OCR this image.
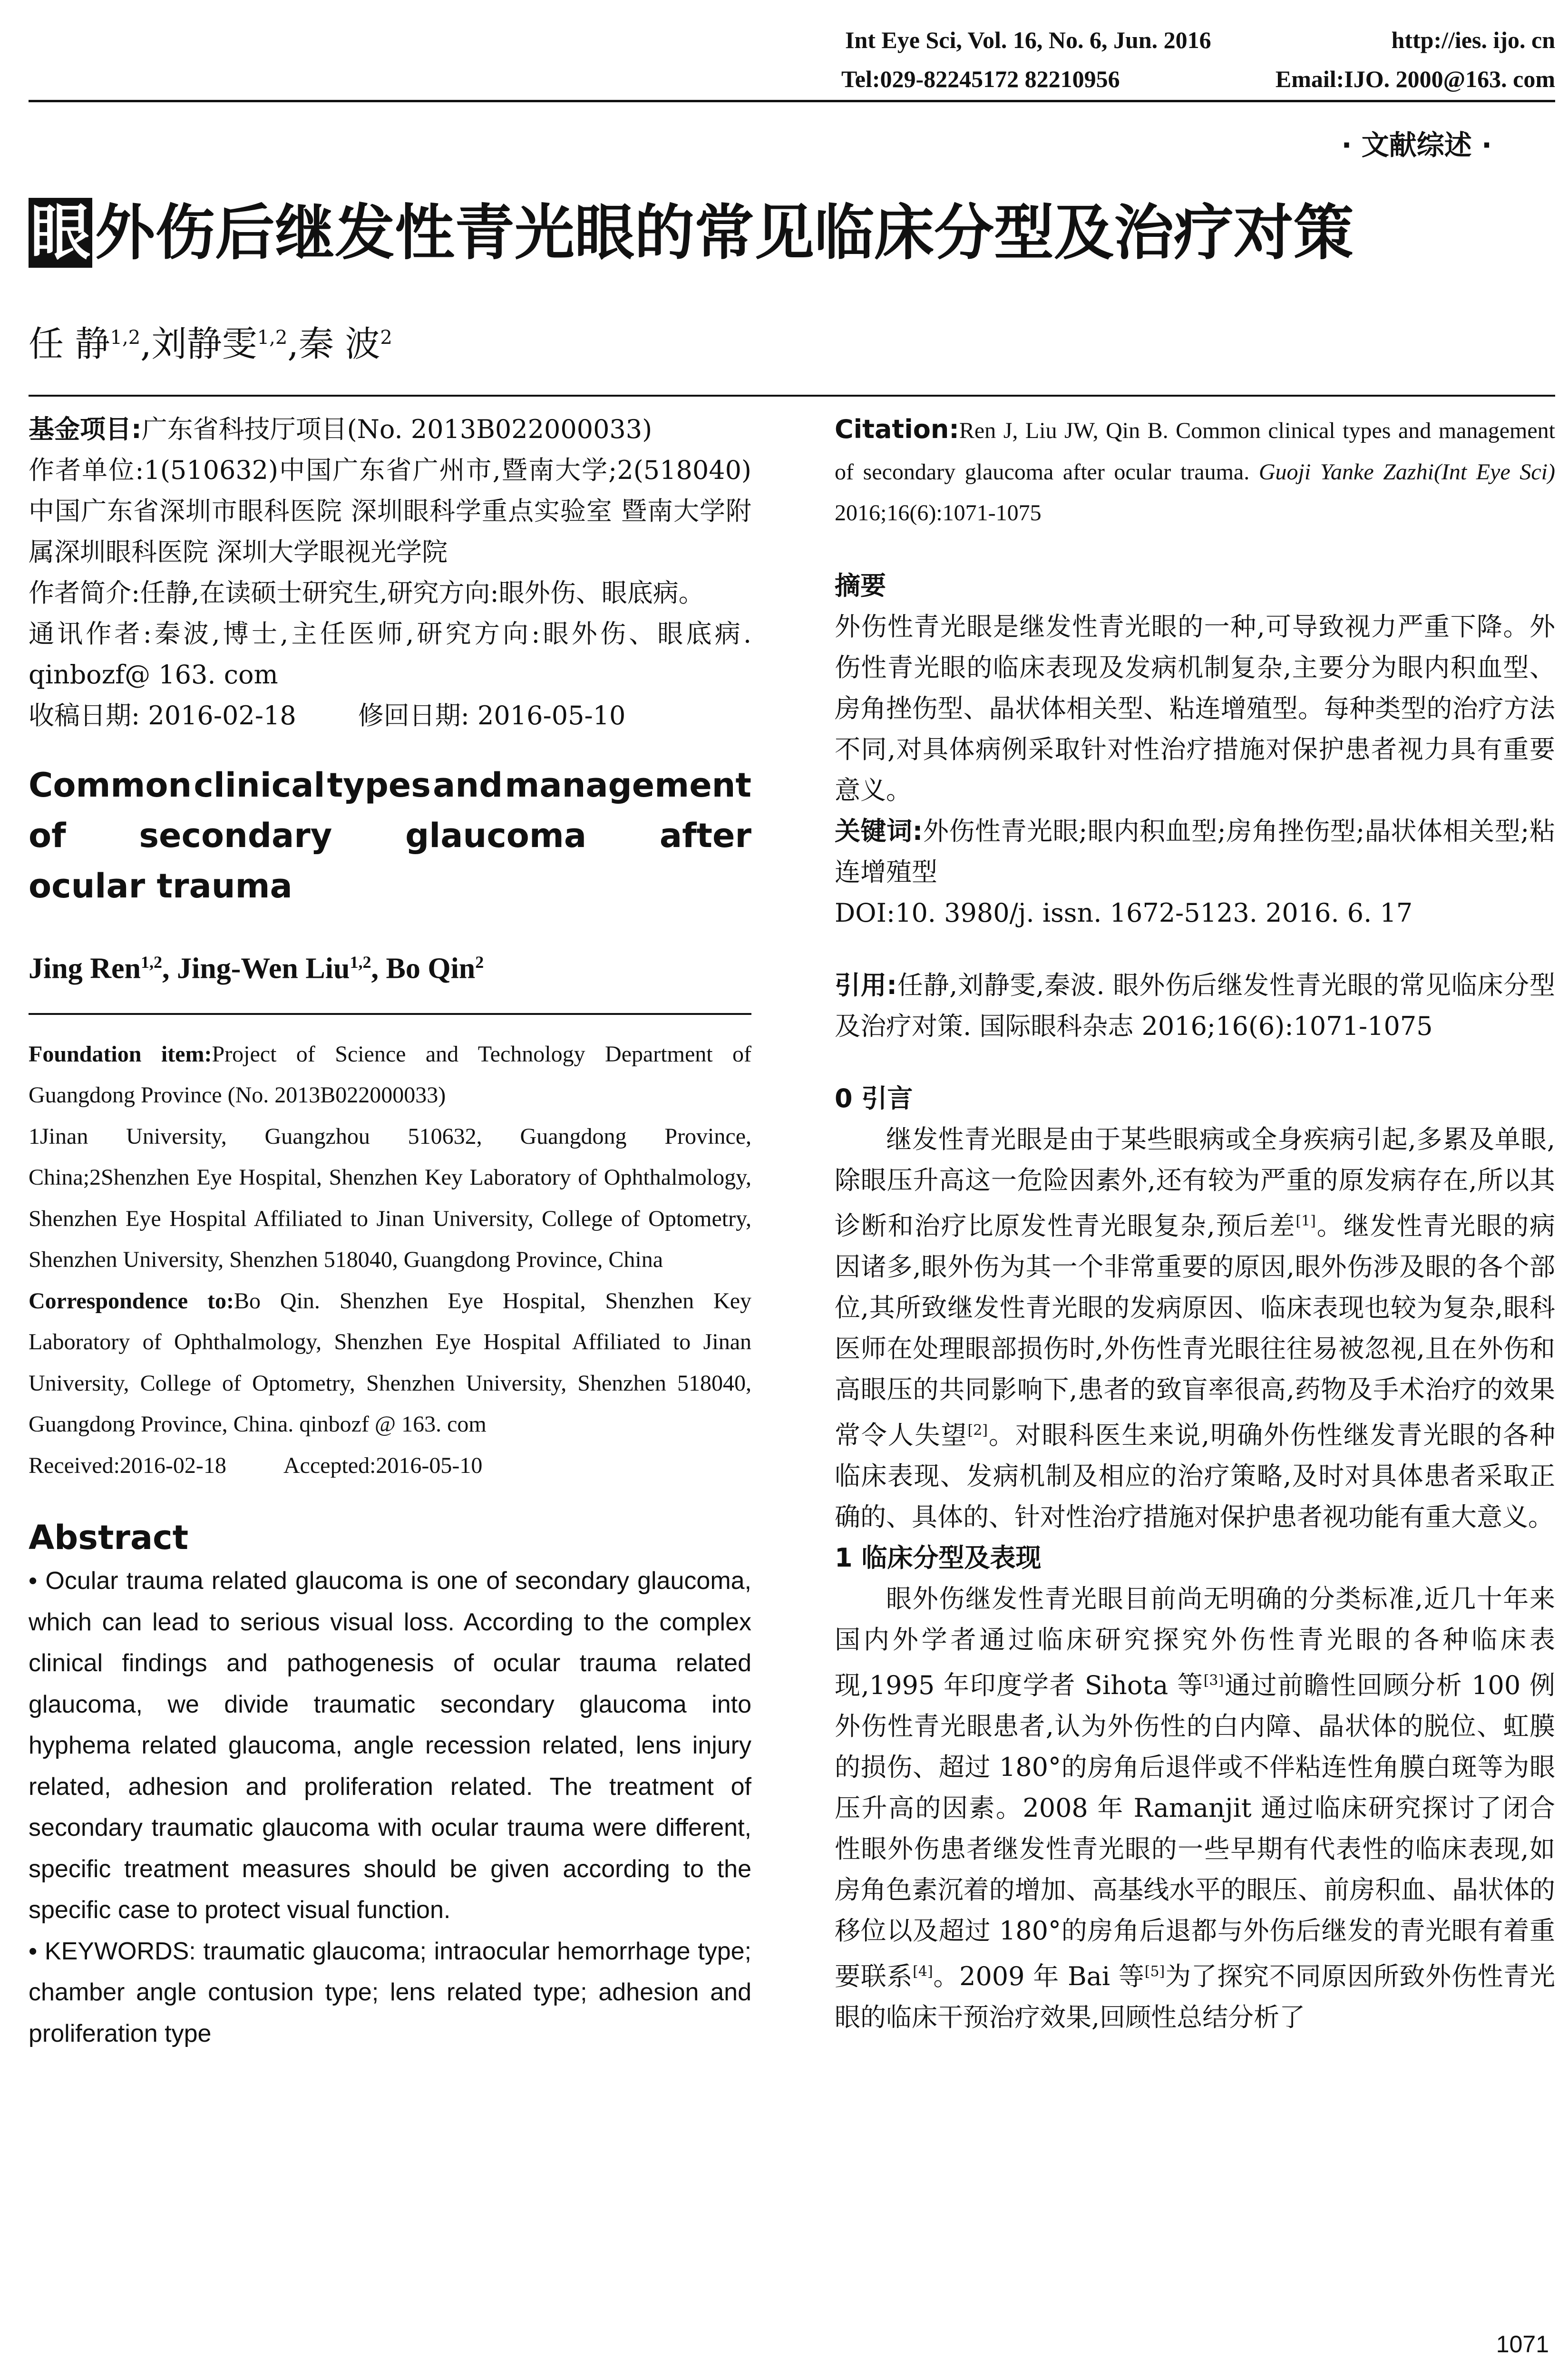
Int Eye Sci, Vol. 16, No. 6, Jun. 2016	http://ies. ijo. cn
Tel:029-82245172 82210956	Email:IJO. 2000@163. com
· 文献综述 ·
眼外伤后继发性青光眼的常见临床分型及治疗对策
任 静$^{1,2}$,刘静雯$^{1,2}$,秦 波$^2$

基金项目:广东省科技厅项目(No. 2013B022000033)

作者单位:1(510632)中国广东省广州市,暨南大学;2(518040)中国广东省深圳市眼科医院 深圳眼科学重点实验室 暨南大学附属深圳眼科医院 深圳大学眼视光学院

作者简介:任静,在读硕士研究生,研究方向:眼外伤、眼底病。

通讯作者:秦波,博士,主任医师,研究方向:眼外伤、眼底病. qinbozf@ 163. com

收稿日期: 2016-02-18 修回日期: 2016-05-10

Common clinical types and management
of secondary glaucoma after
ocular trauma
Jing Ren$^{1,2}$, Jing-Wen Liu$^{1,2}$, Bo Qin$^2$

Foundation item:Project of Science and Technology Department of Guangdong Province (No. 2013B022000033)

1Jinan University, Guangzhou 510632, Guangdong Province, China;2Shenzhen Eye Hospital, Shenzhen Key Laboratory of Ophthalmology, Shenzhen Eye Hospital Affiliated to Jinan University, College of Optometry, Shenzhen University, Shenzhen 518040, Guangdong Province, China

Correspondence to:Bo Qin. Shenzhen Eye Hospital, Shenzhen Key Laboratory of Ophthalmology, Shenzhen Eye Hospital Affiliated to Jinan University, College of Optometry, Shenzhen University, Shenzhen 518040, Guangdong Province, China. qinbozf @ 163. com

Received:2016-02-18	Accepted:2016-05-10

Abstract

• Ocular trauma related glaucoma is one of secondary glaucoma, which can lead to serious visual loss. According to the complex clinical findings and pathogenesis of ocular trauma related glaucoma, we divide traumatic secondary glaucoma into hyphema related glaucoma, angle recession related, lens injury related, adhesion and proliferation related. The treatment of secondary traumatic glaucoma with ocular trauma were different, specific treatment measures should be given according to the specific case to protect visual function.

• KEYWORDS: traumatic glaucoma; intraocular hemorrhage type; chamber angle contusion type; lens related type; adhesion and proliferation type

Citation:Ren J, Liu JW, Qin B. Common clinical types and management of secondary glaucoma after ocular trauma. Guoji Yanke Zazhi(Int Eye Sci) 2016;16(6):1071-1075

摘要

外伤性青光眼是继发性青光眼的一种,可导致视力严重下降。外伤性青光眼的临床表现及发病机制复杂,主要分为眼内积血型、房角挫伤型、晶状体相关型、粘连增殖型。每种类型的治疗方法不同,对具体病例采取针对性治疗措施对保护患者视力具有重要意义。

关键词:外伤性青光眼;眼内积血型;房角挫伤型;晶状体相关型;粘连增殖型

DOI:10. 3980/j. issn. 1672-5123. 2016. 6. 17

引用:任静,刘静雯,秦波. 眼外伤后继发性青光眼的常见临床分型及治疗对策. 国际眼科杂志 2016;16(6):1071-1075

0 引言

继发性青光眼是由于某些眼病或全身疾病引起,多累及单眼,除眼压升高这一危险因素外,还有较为严重的原发病存在,所以其诊断和治疗比原发性青光眼复杂,预后差[1]。继发性青光眼的病因诸多,眼外伤为其一个非常重要的原因,眼外伤涉及眼的各个部位,其所致继发性青光眼的发病原因、临床表现也较为复杂,眼科医师在处理眼部损伤时,外伤性青光眼往往易被忽视,且在外伤和高眼压的共同影响下,患者的致盲率很高,药物及手术治疗的效果常令人失望[2]。对眼科医生来说,明确外伤性继发青光眼的各种临床表现、发病机制及相应的治疗策略,及时对具体患者采取正确的、具体的、针对性治疗措施对保护患者视功能有重大意义。

1 临床分型及表现

眼外伤继发性青光眼目前尚无明确的分类标准,近几十年来国内外学者通过临床研究探究外伤性青光眼的各种临床表现,1995 年印度学者 Sihota 等[3]通过前瞻性回顾分析 100 例外伤性青光眼患者,认为外伤性的白内障、晶状体的脱位、虹膜的损伤、超过 180°的房角后退伴或不伴粘连性角膜白斑等为眼压升高的因素。2008 年 Ramanjit 通过临床研究探讨了闭合性眼外伤患者继发性青光眼的一些早期有代表性的临床表现,如房角色素沉着的增加、高基线水平的眼压、前房积血、晶状体的移位以及超过 180°的房角后退都与外伤后继发的青光眼有着重要联系[4]。2009 年 Bai 等[5]为了探究不同原因所致外伤性青光眼的临床干预治疗效果,回顾性总结分析了

1071
